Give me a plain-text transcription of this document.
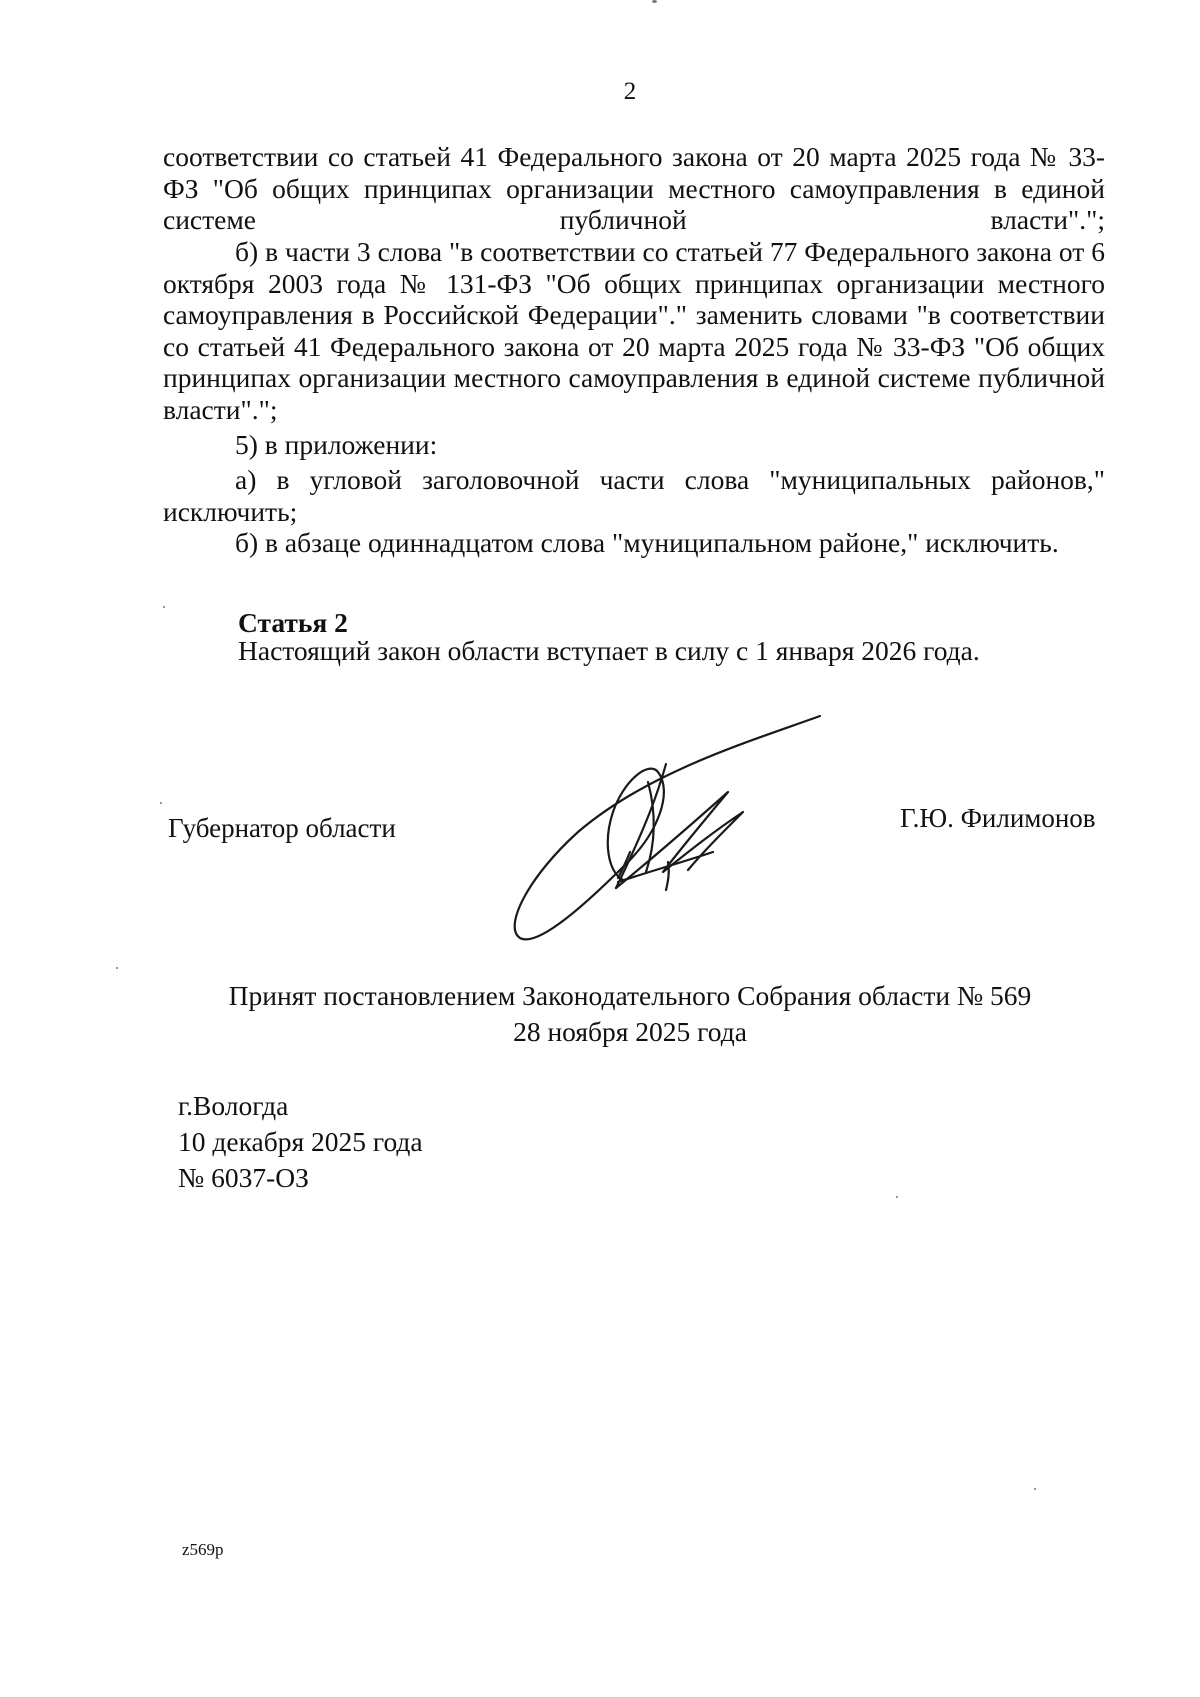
2

соответствии со статьей 41 Федерального закона от 20 марта 2025 года № 33-ФЗ "Об общих принципах организации местного самоуправления в единой системе публичной власти".";

б) в части 3 слова "в соответствии со статьей 77 Федерального закона от 6 октября 2003 года № 131-ФЗ "Об общих принципах организации местного самоуправления в Российской Федерации"." заменить словами "в соответствии со статьей 41 Федерального закона от 20 марта 2025 года № 33-ФЗ "Об общих принципах организации местного самоуправления в единой системе публичной власти".";

5) в приложении:

а) в угловой заголовочной части слова "муниципальных районов," исключить;

б) в абзаце одиннадцатом слова "муниципальном районе," исключить.

Статья 2
Настоящий закон области вступает в силу с 1 января 2026 года.
Губернатор области	Г.Ю. Филимонов
Принят постановлением Законодательного Собрания области № 569
28 ноября 2025 года
г.Вологда
10 декабря 2025 года
№ 6037-ОЗ
z569p
